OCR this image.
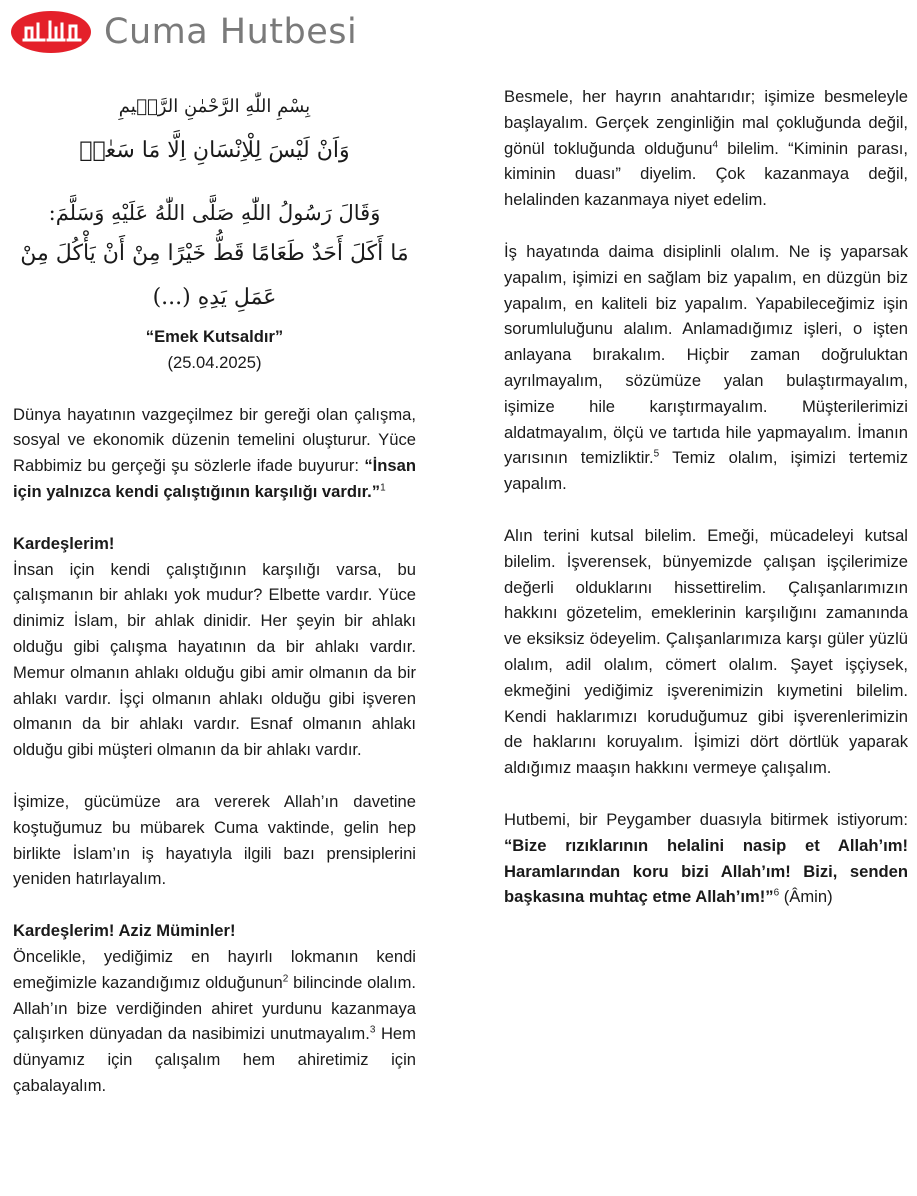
Cuma Hutbesi
بِسْمِ اللّٰهِ الرَّحْمٰنِ الرَّح۪يمِ
وَاَنْ لَيْسَ لِلْاِنْسَانِ اِلَّا مَا سَعٰىۙ
وَقَالَ رَسُولُ اللّٰهِ صَلَّى اللّٰهُ عَلَيْهِ وَسَلَّمَ:
مَا أَكَلَ أَحَدٌ طَعَامًا قَطُّ خَيْرًا مِنْ أَنْ يَأْكُلَ مِنْ عَمَلِ يَدِهِ (...)
“Emek Kutsaldır”
(25.04.2025)

Dünya hayatının vazgeçilmez bir gereği olan çalışma, sosyal ve ekonomik düzenin temelini oluşturur. Yüce Rabbimiz bu gerçeği şu sözlerle ifade buyurur: “İnsan için yalnızca kendi çalıştığının karşılığı vardır.”$^1$

Kardeşlerim!

İnsan için kendi çalıştığının karşılığı varsa, bu çalışmanın bir ahlakı yok mudur? Elbette vardır. Yüce dinimiz İslam, bir ahlak dinidir. Her şeyin bir ahlakı olduğu gibi çalışma hayatının da bir ahlakı vardır. Memur olmanın ahlakı olduğu gibi amir olmanın da bir ahlakı vardır. İşçi olmanın ahlakı olduğu gibi işveren olmanın da bir ahlakı vardır. Esnaf olmanın ahlakı olduğu gibi müşteri olmanın da bir ahlakı vardır.

İşimize, gücümüze ara vererek Allah’ın davetine koştuğumuz bu mübarek Cuma vaktinde, gelin hep birlikte İslam’ın iş hayatıyla ilgili bazı prensiplerini yeniden hatırlayalım.

Kardeşlerim! Aziz Müminler!

Öncelikle, yediğimiz en hayırlı lokmanın kendi emeğimizle kazandığımız olduğunun$^2$ bilincinde olalım. Allah’ın bize verdiğinden ahiret yurdunu kazanmaya çalışırken dünyadan da nasibimizi unutmayalım.$^3$ Hem dünyamız için çalışalım hem ahiretimiz için çabalayalım.

Besmele, her hayrın anahtarıdır; işimize besmeleyle başlayalım. Gerçek zenginliğin mal çokluğunda değil, gönül tokluğunda olduğunu$^4$ bilelim. “Kiminin parası, kiminin duası” diyelim. Çok kazanmaya değil, helalinden kazanmaya niyet edelim.

İş hayatında daima disiplinli olalım. Ne iş yaparsak yapalım, işimizi en sağlam biz yapalım, en düzgün biz yapalım, en kaliteli biz yapalım. Yapabileceğimiz işin sorumluluğunu alalım. Anlamadığımız işleri, o işten anlayana bırakalım. Hiçbir zaman doğruluktan ayrılmayalım, sözümüze yalan bulaştırmayalım, işimize hile karıştırmayalım. Müşterilerimizi aldatmayalım, ölçü ve tartıda hile yapmayalım. İmanın yarısının temizliktir.$^5$ Temiz olalım, işimizi tertemiz yapalım.

Alın terini kutsal bilelim. Emeği, mücadeleyi kutsal bilelim. İşverensek, bünyemizde çalışan işçilerimize değerli olduklarını hissettirelim. Çalışanlarımızın hakkını gözetelim, emeklerinin karşılığını zamanında ve eksiksiz ödeyelim. Çalışanlarımıza karşı güler yüzlü olalım, adil olalım, cömert olalım. Şayet işçiysek, ekmeğini yediğimiz işverenimizin kıymetini bilelim. Kendi haklarımızı koruduğumuz gibi işverenlerimizin de haklarını koruyalım. İşimizi dört dörtlük yaparak aldığımız maaşın hakkını vermeye çalışalım.

Hutbemi, bir Peygamber duasıyla bitirmek istiyorum: “Bize rızıklarının helalini nasip et Allah’ım! Haramlarından koru bizi Allah’ım! Bizi, senden başkasına muhtaç etme Allah’ım!”$^6$ (Âmin)
